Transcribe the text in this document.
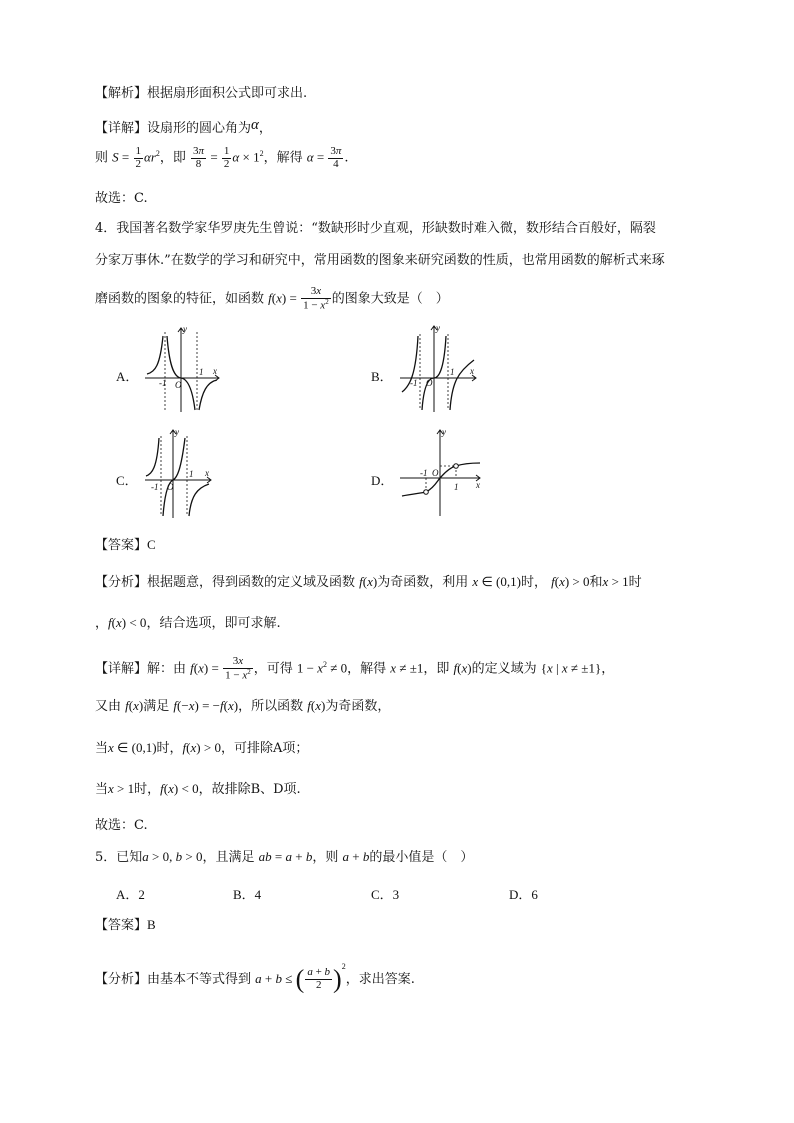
【解析】根据扇形面积公式即可求出.
【详解】设扇形的圆心角为α，
则 $S = \frac{1}{2} \alpha r^2$，即 $\frac{3\pi}{8} = \frac{1}{2}$ $\alpha \times 1^2$，解得 $\alpha = \frac{3\pi}{4}$ .
故选：C.
4．我国著名数学家华罗庚先生曾说：“数缺形时少直观，形缺数时难入微，数形结合百般好，隔裂
分家万事休.”在数学的学习和研究中，常用函数的图象来研究函数的性质，也常用函数的解析式来琢
磨函数的图象的特征，如函数 $f(x) = \frac{3x}{1 - x^2}$ 的图象大致是（　）
A．	B．
C．	D．
y
x
O
-1
1
y
x
O
-1
1
y
x
O
-1
1
y
x
O
-1
1
【答案】C
【分析】根据题意，得到函数的定义域及函数 f(x)为奇函数，利用 x ∈ (0,1)时， f(x) > 0和x > 1时
，f(x) < 0，结合选项，即可求解.
【详解】解：由 $f(x) = \frac{3x}{1 - x^2}$ ，可得 $1 - x^2 \ne 0$，解得 x ≠ ±1，即 f(x)的定义域为 {x | x ≠ ±1}，
又由 f(x)满足 f(−x) = −f(x)，所以函数 f(x)为奇函数，
当x ∈ (0,1)时，f(x) > 0，可排除A项；
当x > 1时，f(x) < 0，故排除B、D项.
故选：C.
5．已知a > 0, b > 0，且满足 ab = a + b，则 a + b的最小值是（　）
A．2	B．4	C．3	D．6
【答案】B
【分析】由基本不等式得到 a + b ≤ ( $\frac{a + b}{2} )^2$，求出答案.
